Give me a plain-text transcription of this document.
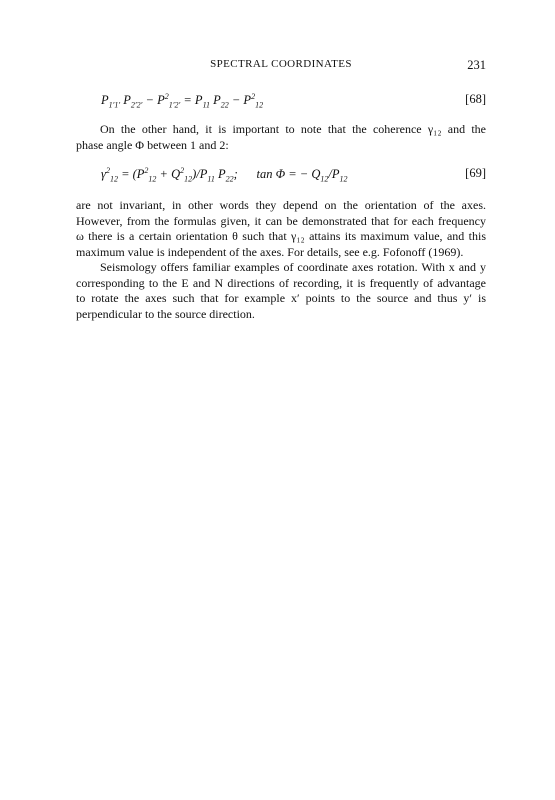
SPECTRAL COORDINATES	231
$P_{1'1'}$ $P_{2'2'} - P^2_{1'2'} = P_{11}$ $P_{22} - P^2_{12}$	[68]
On the other hand, it is important to note that the coherence γ₁₂ and the
phase angle Φ between 1 and 2:
$\gamma^2_{12} = (P^2_{12} + Q^2_{12})/P_{11}$ $P_{22}$;      tan Φ = − $Q_{12}/P_{12}$	[69]
are not invariant, in other words they depend on the orientation of the axes.
However, from the formulas given, it can be demonstrated that for each frequency
ω there is a certain orientation θ such that γ₁₂ attains its maximum value, and this
maximum value is independent of the axes. For details, see e.g. Fofonoff (1969).
Seismology offers familiar examples of coordinate axes rotation. With x and y
corresponding to the E and N directions of recording, it is frequently of advantage
to rotate the axes such that for example x′ points to the source and thus y′ is
perpendicular to the source direction.
